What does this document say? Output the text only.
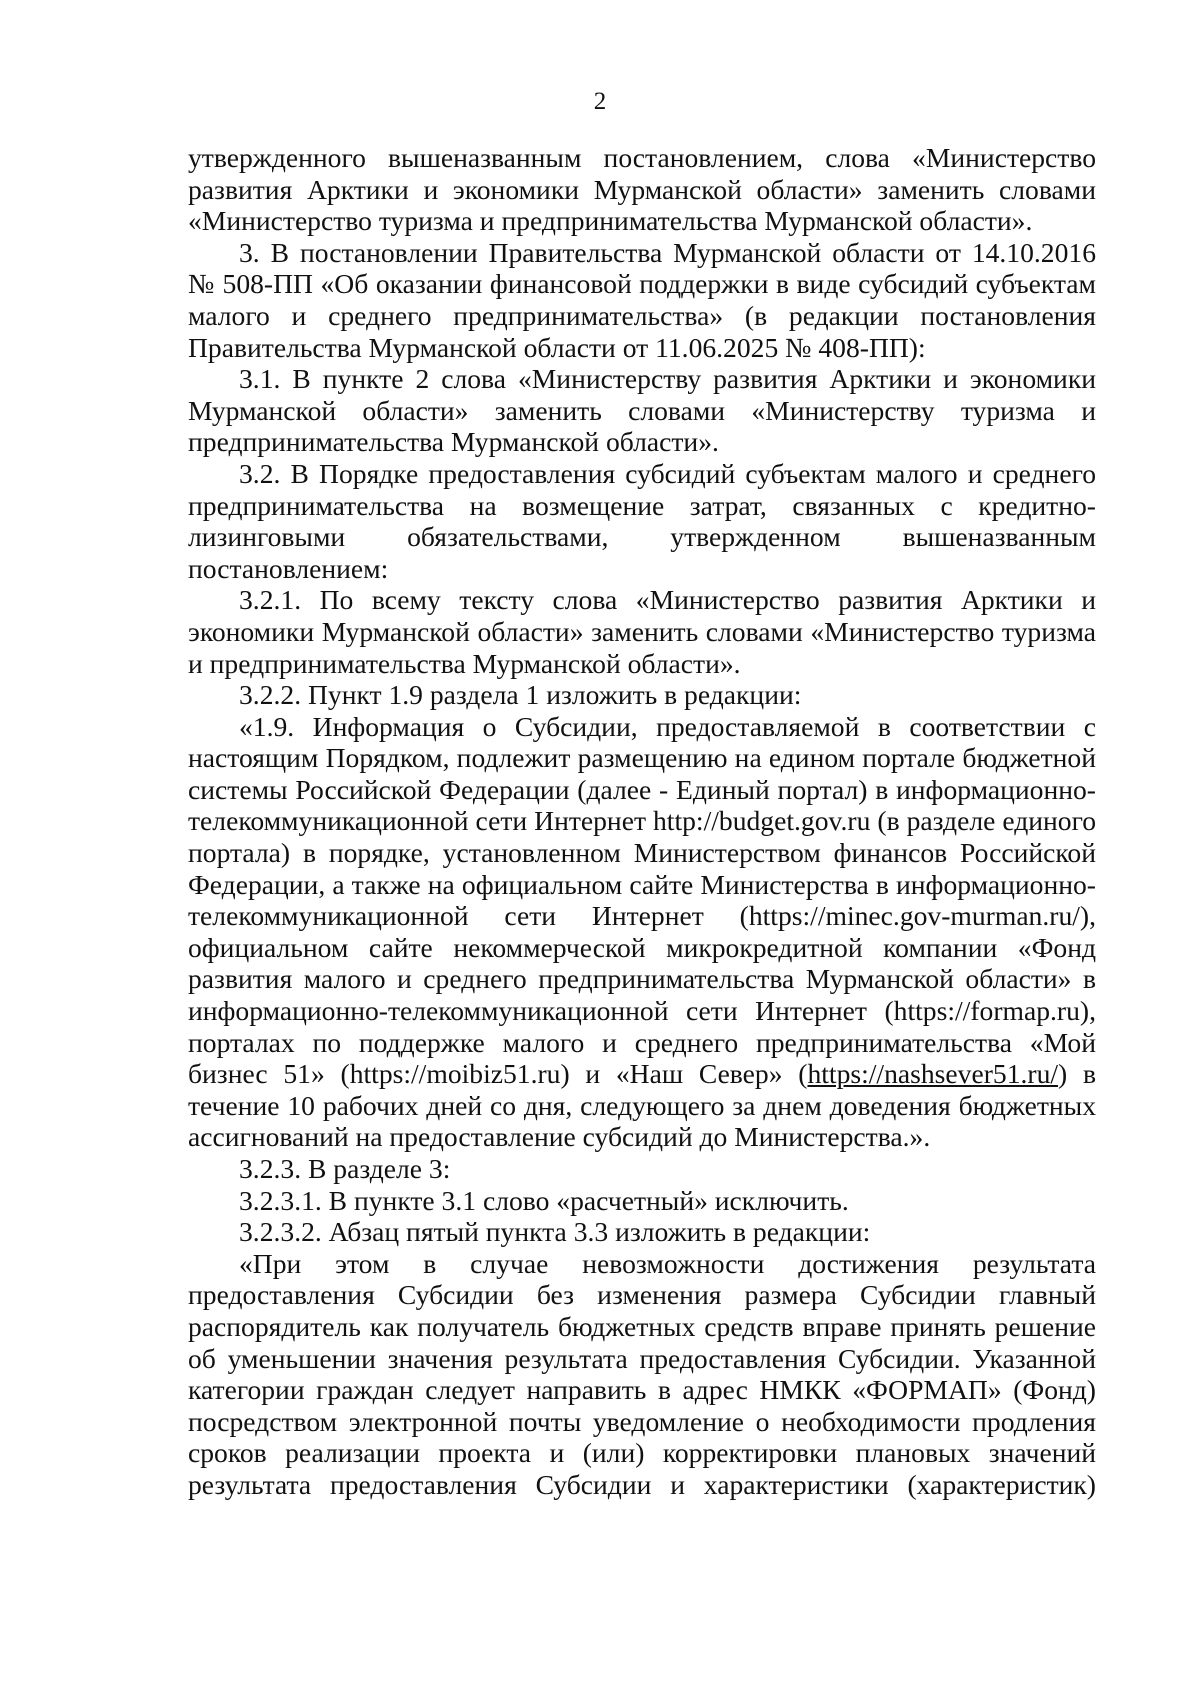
2

утвержденного вышеназванным постановлением, слова «Министерство развития Арктики и экономики Мурманской области» заменить словами «Министерство туризма и предпринимательства Мурманской области».

3. В постановлении Правительства Мурманской области от 14.10.2016 № 508-ПП «Об оказании финансовой поддержки в виде субсидий субъектам малого и среднего предпринимательства» (в редакции постановления Правительства Мурманской области от 11.06.2025 № 408-ПП):

3.1. В пункте 2 слова «Министерству развития Арктики и экономики Мурманской области» заменить словами «Министерству туризма и предпринимательства Мурманской области».

3.2. В Порядке предоставления субсидий субъектам малого и среднего предпринимательства на возмещение затрат, связанных с кредитно-лизинговыми обязательствами, утвержденном вышеназванным постановлением:

3.2.1. По всему тексту слова «Министерство развития Арктики и экономики Мурманской области» заменить словами «Министерство туризма и предпринимательства Мурманской области».

3.2.2. Пункт 1.9 раздела 1 изложить в редакции:

«1.9. Информация о Субсидии, предоставляемой в соответствии с настоящим Порядком, подлежит размещению на едином портале бюджетной системы Российской Федерации (далее - Единый портал) в информационно-телекоммуникационной сети Интернет http://budget.gov.ru (в разделе единого портала) в порядке, установленном Министерством финансов Российской Федерации, а также на официальном сайте Министерства в информационно-телекоммуникационной сети Интернет (https://minec.gov-murman.ru/), официальном сайте некоммерческой микрокредитной компании «Фонд развития малого и среднего предпринимательства Мурманской области» в информационно-телекоммуникационной сети Интернет (https://formap.ru), порталах по поддержке малого и среднего предпринимательства «Мой бизнес 51» (https://moibiz51.ru) и «Наш Север» (https://nashsever51.ru/) в течение 10 рабочих дней со дня, следующего за днем доведения бюджетных ассигнований на предоставление субсидий до Министерства.».

3.2.3. В разделе 3:

3.2.3.1. В пункте 3.1 слово «расчетный» исключить.

3.2.3.2. Абзац пятый пункта 3.3 изложить в редакции:

«При этом в случае невозможности достижения результата предоставления Субсидии без изменения размера Субсидии главный распорядитель как получатель бюджетных средств вправе принять решение об уменьшении значения результата предоставления Субсидии. Указанной категории граждан следует направить в адрес НМКК «ФОРМАП» (Фонд) посредством электронной почты уведомление о необходимости продления сроков реализации проекта и (или) корректировки плановых значений результата предоставления Субсидии и характеристики (характеристик)
